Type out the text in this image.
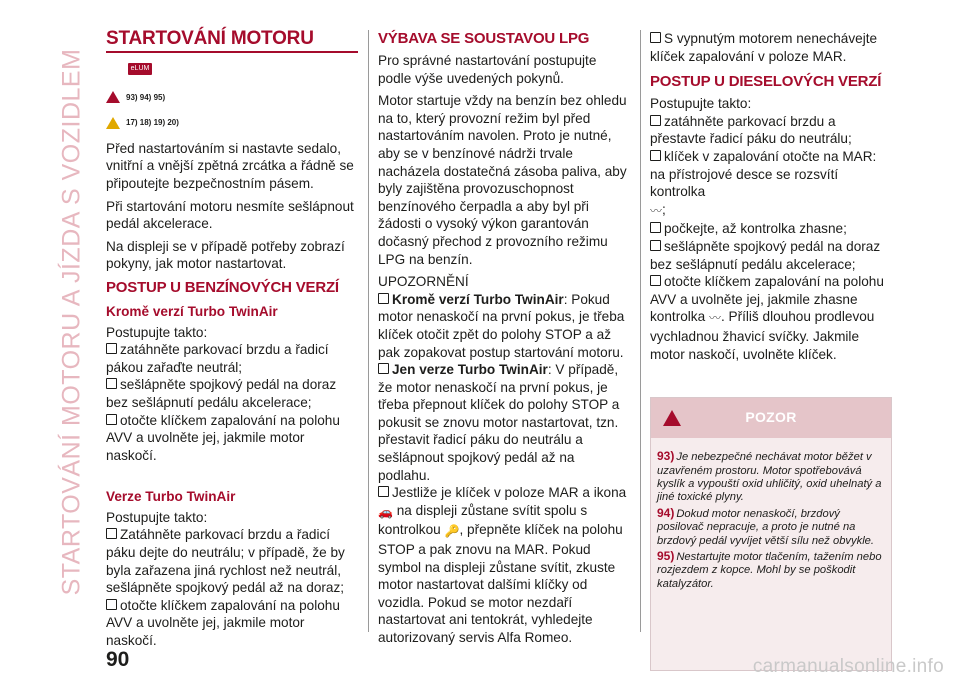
STARTOVÁNÍ MOTORU A JÍZDA S VOZIDLEM
STARTOVÁNÍ MOTORU
eLUM
93) 94) 95)
17) 18) 19) 20)

Před nastartováním si nastavte sedalo, vnitřní a vnější zpětná zrcátka a řádně se připoutejte bezpečnostním pásem.

Při startování motoru nesmíte sešlápnout pedál akcelerace.

Na displeji se v případě potřeby zobrazí pokyny, jak motor nastartovat.

POSTUP U BENZÍNOVÝCH VERZÍ
Kromě verzí Turbo TwinAir
Postupujte takto:
zatáhněte parkovací brzdu a řadicí pákou zařaďte neutrál;
sešlápněte spojkový pedál na doraz bez sešlápnutí pedálu akcelerace;
otočte klíčkem zapalování na polohu AVV a uvolněte jej, jakmile motor naskočí.
Verze Turbo TwinAir
Postupujte takto:
Zatáhněte parkovací brzdu a řadicí páku dejte do neutrálu; v případě, že by byla zařazena jiná rychlost než neutrál, sešlápněte spojkový pedál až na doraz;
otočte klíčkem zapalování na polohu AVV a uvolněte jej, jakmile motor naskočí.
VÝBAVA SE SOUSTAVOU LPG

Pro správné nastartování postupujte podle výše uvedených pokynů.

Motor startuje vždy na benzín bez ohledu na to, který provozní režim byl před nastartováním navolen. Proto je nutné, aby se v benzínové nádrži trvale nacházela dostatečná zásoba paliva, aby byly zajištěna provozuschopnost benzínového čerpadla a aby byl při žádosti o vysoký výkon garantován dočasný přechod z provozního režimu LPG na benzín.

UPOZORNĚNÍ
Kromě verzí Turbo TwinAir: Pokud motor nenaskočí na první pokus, je třeba klíček otočit zpět do polohy STOP a až pak zopakovat postup startování motoru.
Jen verze Turbo TwinAir: V případě, že motor nenaskočí na první pokus, je třeba přepnout klíček do polohy STOP a pokusit se znovu motor nastartovat, tzn. přestavit řadicí páku do neutrálu a sešlápnout spojkový pedál až na podlahu.
Jestliže je klíček v poloze MAR a ikona
🚗 na displeji zůstane svítit spolu s kontrolkou 🔑, přepněte klíček na polohu STOP a pak znovu na MAR. Pokud symbol na displeji zůstane svítit, zkuste motor nastartovat dalšími klíčky od vozidla. Pokud se motor nezdaří nastartovat ani tentokrát, vyhledejte autorizovaný servis Alfa Romeo.
S vypnutým motorem nenechávejte klíček zapalování v poloze MAR.
POSTUP U DIESELOVÝCH VERZÍ
Postupujte takto:
zatáhněte parkovací brzdu a přestavte řadicí páku do neutrálu;
klíček v zapalování otočte na MAR: na přístrojové desce se rozsvítí kontrolka
〰;
počkejte, až kontrolka zhasne;
sešlápněte spojkový pedál na doraz bez sešlápnutí pedálu akcelerace;
otočte klíčkem zapalování na polohu AVV a uvolněte jej, jakmile zhasne kontrolka 〰. Příliš dlouhou prodlevou vychladnou žhavicí svíčky. Jakmile motor naskočí, uvolněte klíček.
POZOR

93) Je nebezpečné nechávat motor běžet v uzavřeném prostoru. Motor spotřebovává kyslík a vypouští oxid uhličitý, oxid uhelnatý a jiné toxické plyny.

94) Dokud motor nenaskočí, brzdový posilovač nepracuje, a proto je nutné na brzdový pedál vyvíjet větší sílu než obvykle.

95) Nestartujte motor tlačením, tažením nebo rozjezdem z kopce. Mohl by se poškodit katalyzátor.

90	carmanualsonline.info
